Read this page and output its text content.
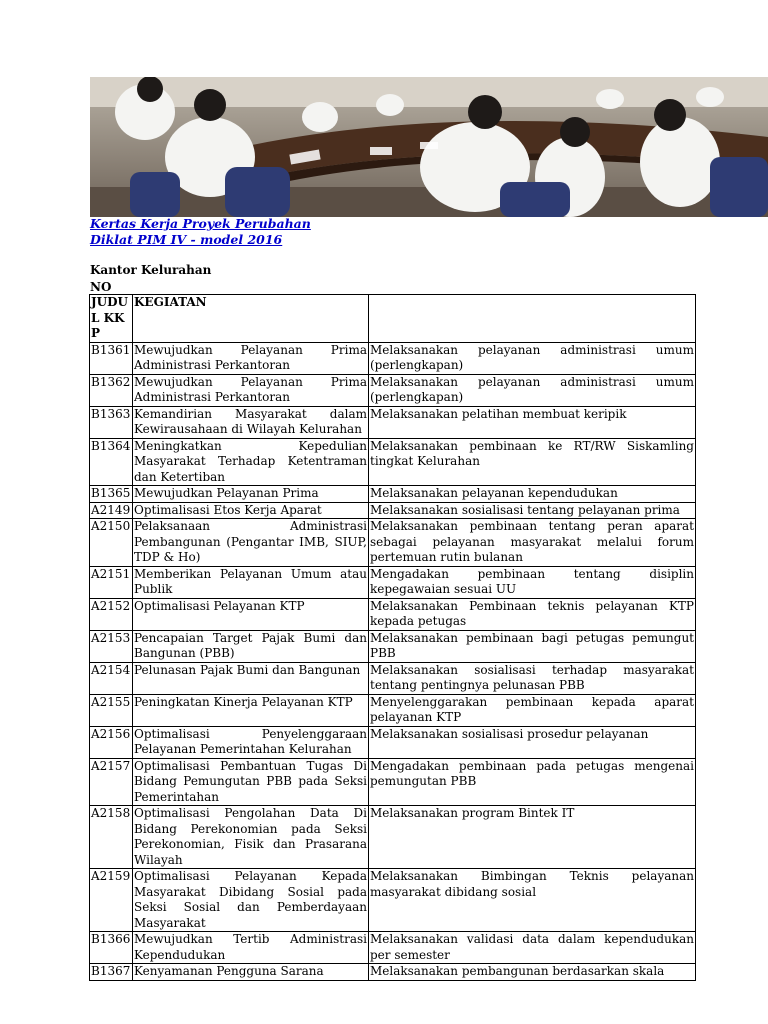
Kertas Kerja Proyek Perubahan
Diklat PIM IV - model 2016
Kantor Kelurahan
NO
JUDUL KKP	KEGIATAN	
B1361	Mewujudkan Pelayanan Prima Administrasi Perkantoran	Melaksanakan pelayanan administrasi umum (perlengkapan)
B1362	Mewujudkan Pelayanan Prima Administrasi Perkantoran	Melaksanakan pelayanan administrasi umum (perlengkapan)
B1363	Kemandirian Masyarakat dalam Kewirausahaan di Wilayah Kelurahan	Melaksanakan pelatihan membuat keripik
B1364	Meningkatkan Kepedulian Masyarakat Terhadap Ketentraman dan Ketertiban	Melaksanakan pembinaan ke RT/RW Siskamling tingkat Kelurahan
B1365	Mewujudkan Pelayanan Prima	Melaksanakan pelayanan kependudukan
A2149	Optimalisasi Etos Kerja Aparat	Melaksanakan sosialisasi tentang pelayanan prima
A2150	Pelaksanaan Administrasi Pembangunan (Pengantar IMB, SIUP, TDP & Ho)	Melaksanakan pembinaan tentang peran aparat sebagai pelayanan masyarakat melalui forum pertemuan rutin bulanan
A2151	Memberikan Pelayanan Umum atau Publik	Mengadakan pembinaan tentang disiplin kepegawaian sesuai UU
A2152	Optimalisasi Pelayanan KTP	Melaksanakan Pembinaan teknis pelayanan KTP kepada petugas
A2153	Pencapaian Target Pajak Bumi dan Bangunan (PBB)	Melaksanakan pembinaan bagi petugas pemungut PBB
A2154	Pelunasan Pajak Bumi dan Bangunan	Melaksanakan sosialisasi terhadap masyarakat tentang pentingnya pelunasan PBB
A2155	Peningkatan Kinerja Pelayanan KTP	Menyelenggarakan pembinaan kepada aparat pelayanan KTP
A2156	Optimalisasi Penyelenggaraan Pelayanan Pemerintahan Kelurahan	Melaksanakan sosialisasi prosedur pelayanan
A2157	Optimalisasi Pembantuan Tugas Di Bidang Pemungutan PBB pada Seksi Pemerintahan	Mengadakan pembinaan pada petugas mengenai pemungutan PBB
A2158	Optimalisasi Pengolahan Data Di Bidang Perekonomian pada Seksi Perekonomian, Fisik dan Prasarana Wilayah	Melaksanakan program Bintek IT
A2159	Optimalisasi Pelayanan Kepada Masyarakat Dibidang Sosial pada Seksi Sosial dan Pemberdayaan Masyarakat	Melaksanakan Bimbingan Teknis pelayanan masyarakat dibidang sosial
B1366	Mewujudkan Tertib Administrasi Kependudukan	Melaksanakan validasi data dalam kependudukan per semester
B1367	Kenyamanan Pengguna Sarana	Melaksanakan pembangunan berdasarkan skala
